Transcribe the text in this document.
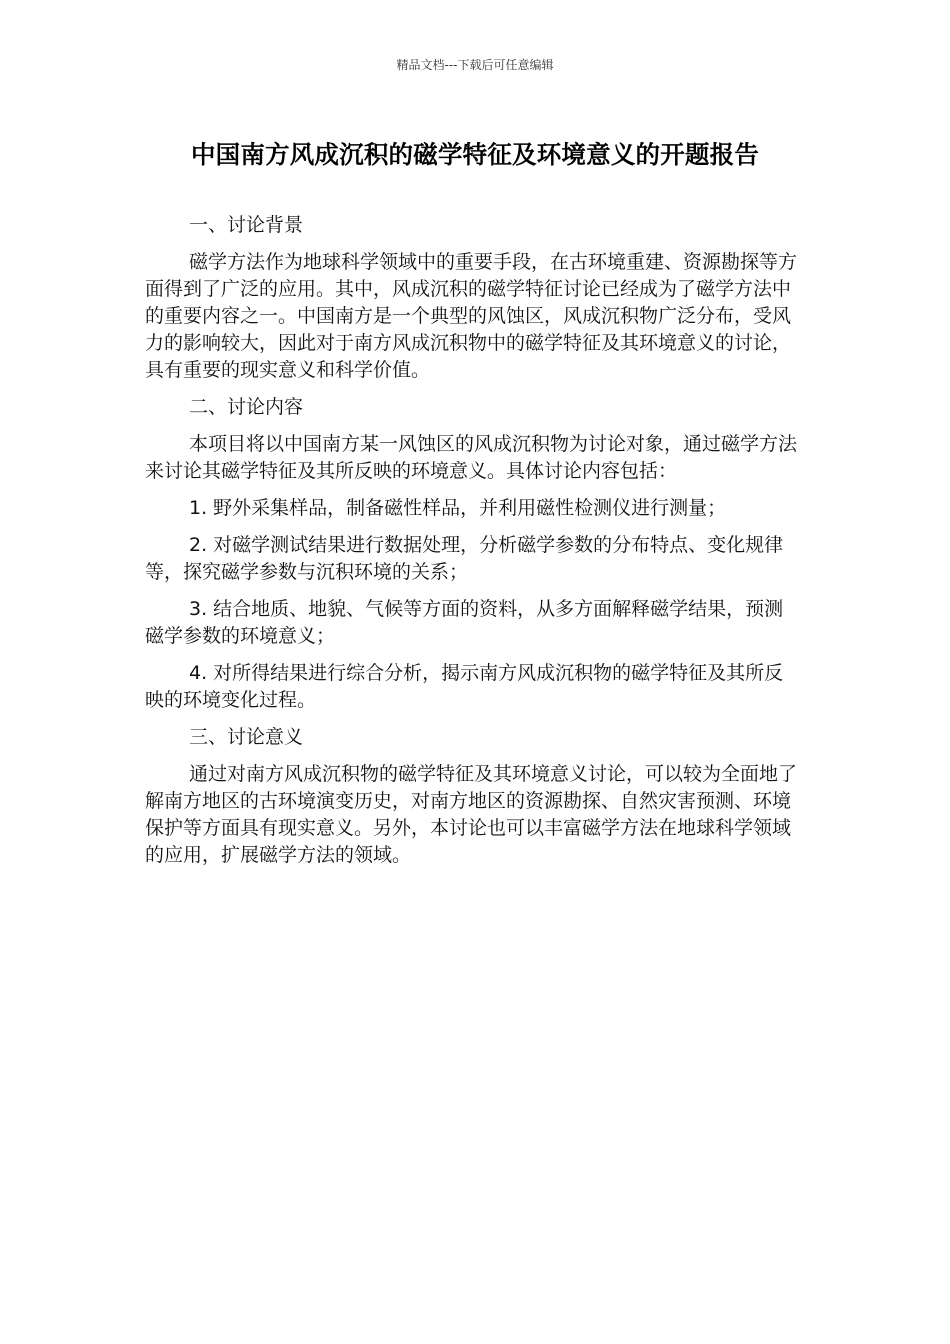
精品文档---下载后可任意编辑
中国南方风成沉积的磁学特征及环境意义的开题报告
一、讨论背景

磁学方法作为地球科学领域中的重要手段，在古环境重建、资源勘探等方面得到了广泛的应用。其中，风成沉积的磁学特征讨论已经成为了磁学方法中的重要内容之一。中国南方是一个典型的风蚀区，风成沉积物广泛分布，受风力的影响较大，因此对于南方风成沉积物中的磁学特征及其环境意义的讨论，具有重要的现实意义和科学价值。

二、讨论内容

本项目将以中国南方某一风蚀区的风成沉积物为讨论对象，通过磁学方法来讨论其磁学特征及其所反映的环境意义。具体讨论内容包括：

1. 野外采集样品，制备磁性样品，并利用磁性检测仪进行测量；

2. 对磁学测试结果进行数据处理，分析磁学参数的分布特点、变化规律等，探究磁学参数与沉积环境的关系；

3. 结合地质、地貌、气候等方面的资料，从多方面解释磁学结果，预测磁学参数的环境意义；

4. 对所得结果进行综合分析，揭示南方风成沉积物的磁学特征及其所反映的环境变化过程。

三、讨论意义

通过对南方风成沉积物的磁学特征及其环境意义讨论，可以较为全面地了解南方地区的古环境演变历史，对南方地区的资源勘探、自然灾害预测、环境保护等方面具有现实意义。另外，本讨论也可以丰富磁学方法在地球科学领域的应用，扩展磁学方法的领域。
